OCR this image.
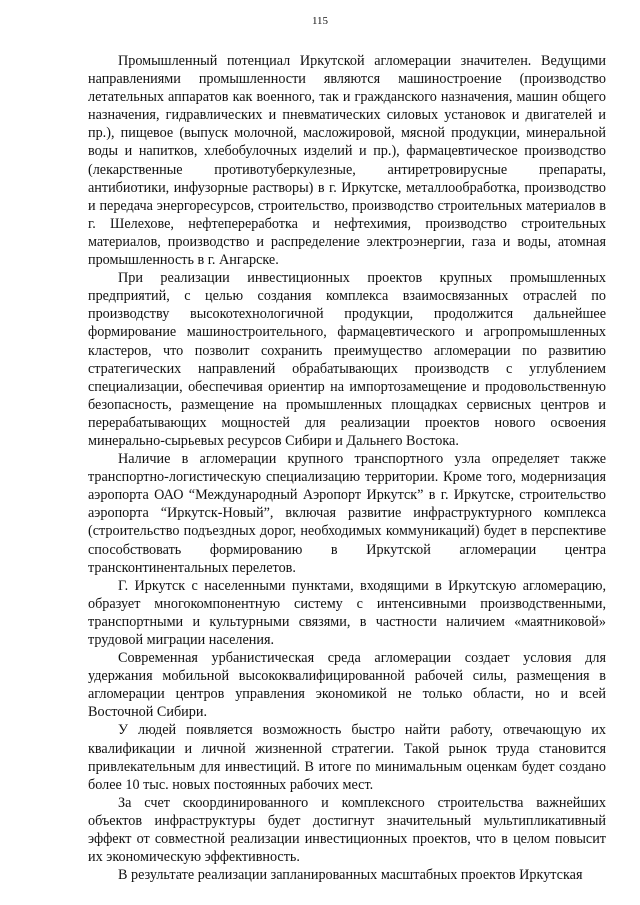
115

Промышленный потенциал Иркутской агломерации значителен. Ведущими направлениями промышленности являются машиностроение (производство летательных аппаратов как военного, так и гражданского назначения, машин общего назначения, гидравлических и пневматических силовых установок и двигателей и пр.), пищевое (выпуск молочной, масложировой, мясной продукции, минеральной воды и напитков, хлебобулочных изделий и пр.), фармацевтическое производство (лекарственные противотуберкулезные, антиретровирусные препараты, антибиотики, инфузорные растворы) в г. Иркутске, металлообработка, производство и передача энергоресурсов, строительство, производство строительных материалов в г. Шелехове, нефтепереработка и нефтехимия, производство строительных материалов, производство и распределение электроэнергии, газа и воды, атомная промышленность в г. Ангарске.

При реализации инвестиционных проектов крупных промышленных предприятий, с целью создания комплекса взаимосвязанных отраслей по производству высокотехнологичной продукции, продолжится дальнейшее формирование машиностроительного, фармацевтического и агропромышленных кластеров, что позволит сохранить преимущество агломерации по развитию стратегических направлений обрабатывающих производств с углублением специализации, обеспечивая ориентир на импортозамещение и продовольственную безопасность, размещение на промышленных площадках сервисных центров и перерабатывающих мощностей для реализации проектов нового освоения минерально-сырьевых ресурсов Сибири и Дальнего Востока.

Наличие в агломерации крупного транспортного узла определяет также транспортно-логистическую специализацию территории. Кроме того, модернизация аэропорта ОАО “Международный Аэропорт Иркутск” в г. Иркутске, строительство аэропорта “Иркутск-Новый”, включая развитие инфраструктурного комплекса (строительство подъездных дорог, необходимых коммуникаций) будет в перспективе способствовать формированию в Иркутской агломерации центра трансконтинентальных перелетов.

Г. Иркутск с населенными пунктами, входящими в Иркутскую агломерацию, образует многокомпонентную систему с интенсивными производственными, транспортными и культурными связями, в частности наличием «маятниковой» трудовой миграции населения.

Современная урбанистическая среда агломерации создает условия для удержания мобильной высококвалифицированной рабочей силы, размещения в агломерации центров управления экономикой не только области, но и всей Восточной Сибири.

У людей появляется возможность быстро найти работу, отвечающую их квалификации и личной жизненной стратегии. Такой рынок труда становится привлекательным для инвестиций. В итоге по минимальным оценкам будет создано более 10 тыс. новых постоянных рабочих мест.

За счет скоординированного и комплексного строительства важнейших объектов инфраструктуры будет достигнут значительный мультипликативный эффект от совместной реализации инвестиционных проектов, что в целом повысит их экономическую эффективность.

В результате реализации запланированных масштабных проектов Иркутская
